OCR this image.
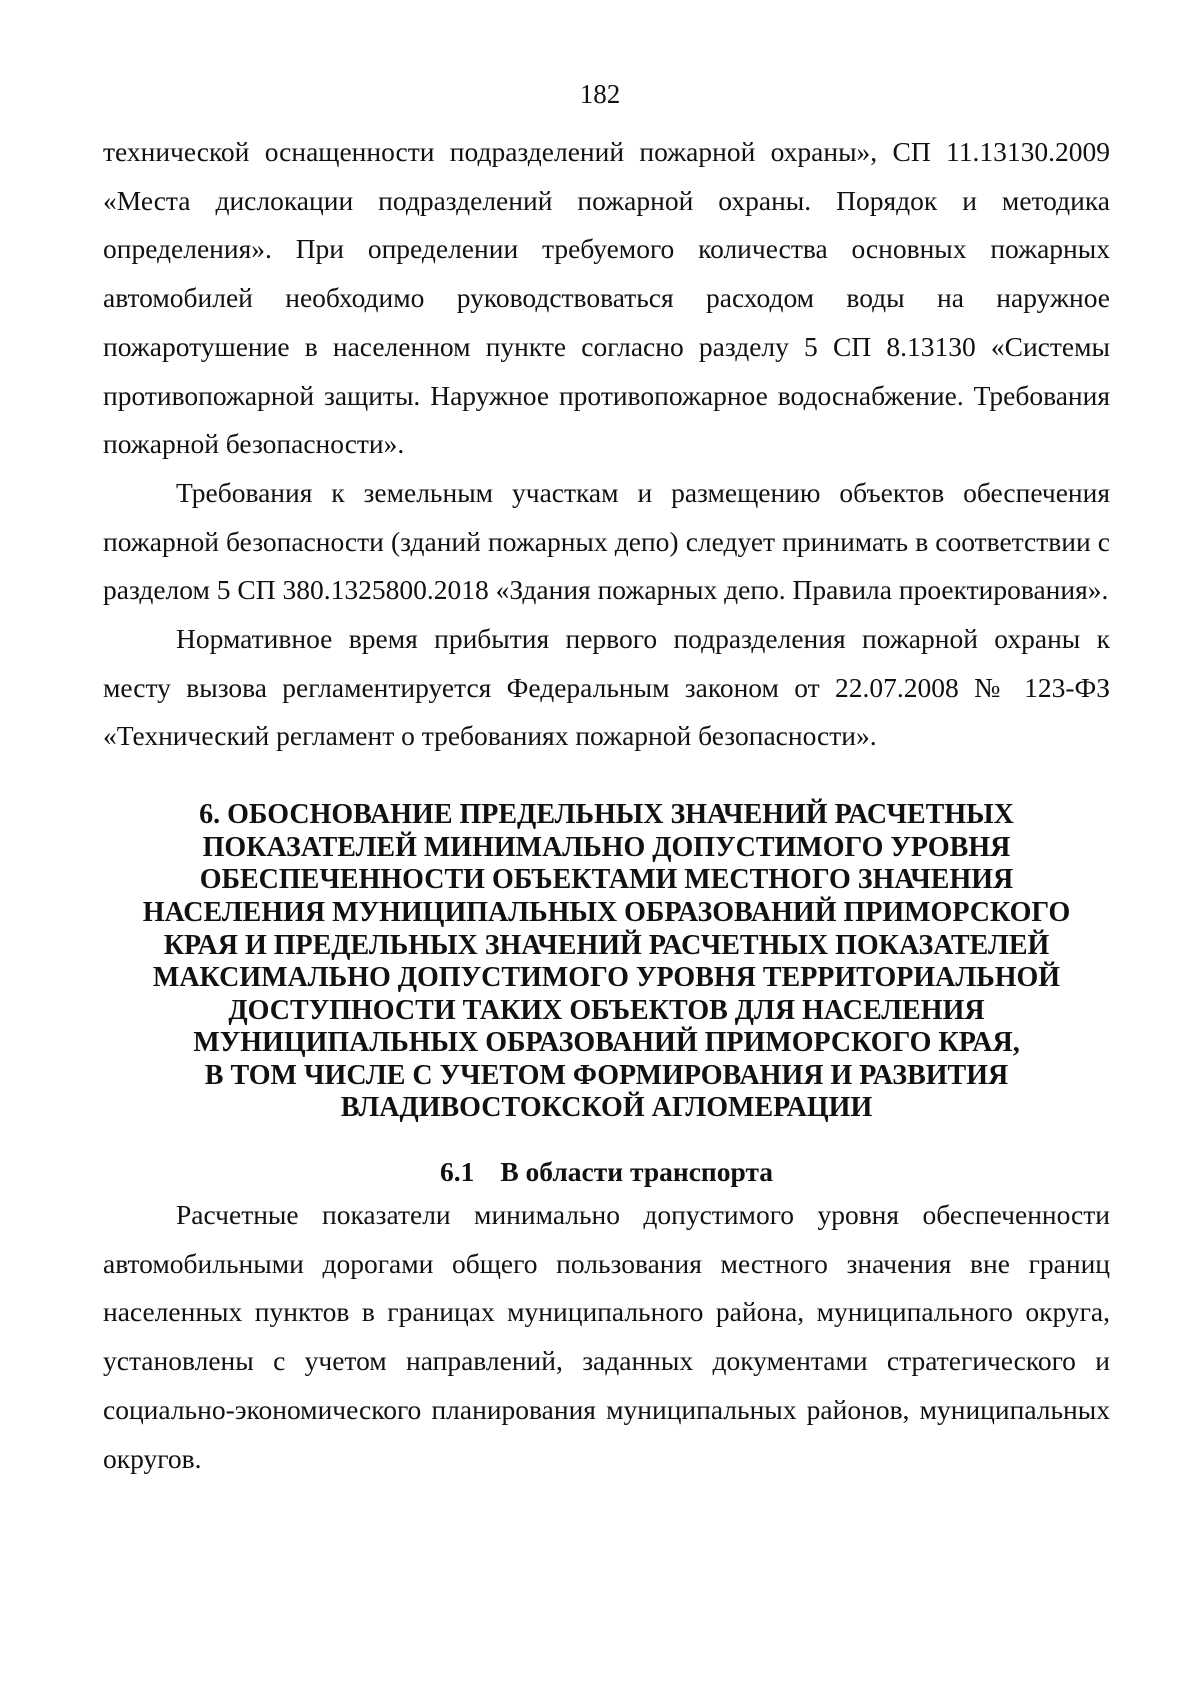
182

технической оснащенности подразделений пожарной охраны», СП 11.13130.2009 «Места дислокации подразделений пожарной охраны. Порядок и методика определения». При определении требуемого количества основных пожарных автомобилей необходимо руководствоваться расходом воды на наружное пожаротушение в населенном пункте согласно разделу 5 СП 8.13130 «Системы противопожарной защиты. Наружное противопожарное водоснабжение. Требования пожарной безопасности».

Требования к земельным участкам и размещению объектов обеспечения пожарной безопасности (зданий пожарных депо) следует принимать в соответствии с разделом 5 СП 380.1325800.2018 «Здания пожарных депо. Правила проектирования».

Нормативное время прибытия первого подразделения пожарной охраны к месту вызова регламентируется Федеральным законом от 22.07.2008 № 123-ФЗ «Технический регламент о требованиях пожарной безопасности».

6. ОБОСНОВАНИЕ ПРЕДЕЛЬНЫХ ЗНАЧЕНИЙ РАСЧЕТНЫХ
ПОКАЗАТЕЛЕЙ МИНИМАЛЬНО ДОПУСТИМОГО УРОВНЯ
ОБЕСПЕЧЕННОСТИ ОБЪЕКТАМИ МЕСТНОГО ЗНАЧЕНИЯ
НАСЕЛЕНИЯ МУНИЦИПАЛЬНЫХ ОБРАЗОВАНИЙ ПРИМОРСКОГО
КРАЯ И ПРЕДЕЛЬНЫХ ЗНАЧЕНИЙ РАСЧЕТНЫХ ПОКАЗАТЕЛЕЙ
МАКСИМАЛЬНО ДОПУСТИМОГО УРОВНЯ ТЕРРИТОРИАЛЬНОЙ
ДОСТУПНОСТИ ТАКИХ ОБЪЕКТОВ ДЛЯ НАСЕЛЕНИЯ
МУНИЦИПАЛЬНЫХ ОБРАЗОВАНИЙ ПРИМОРСКОГО КРАЯ,
В ТОМ ЧИСЛЕ С УЧЕТОМ ФОРМИРОВАНИЯ И РАЗВИТИЯ
ВЛАДИВОСТОКСКОЙ АГЛОМЕРАЦИИ
6.1 В области транспорта

Расчетные показатели минимально допустимого уровня обеспеченности автомобильными дорогами общего пользования местного значения вне границ населенных пунктов в границах муниципального района, муниципального округа, установлены с учетом направлений, заданных документами стратегического и социально-экономического планирования муниципальных районов, муниципальных округов.
